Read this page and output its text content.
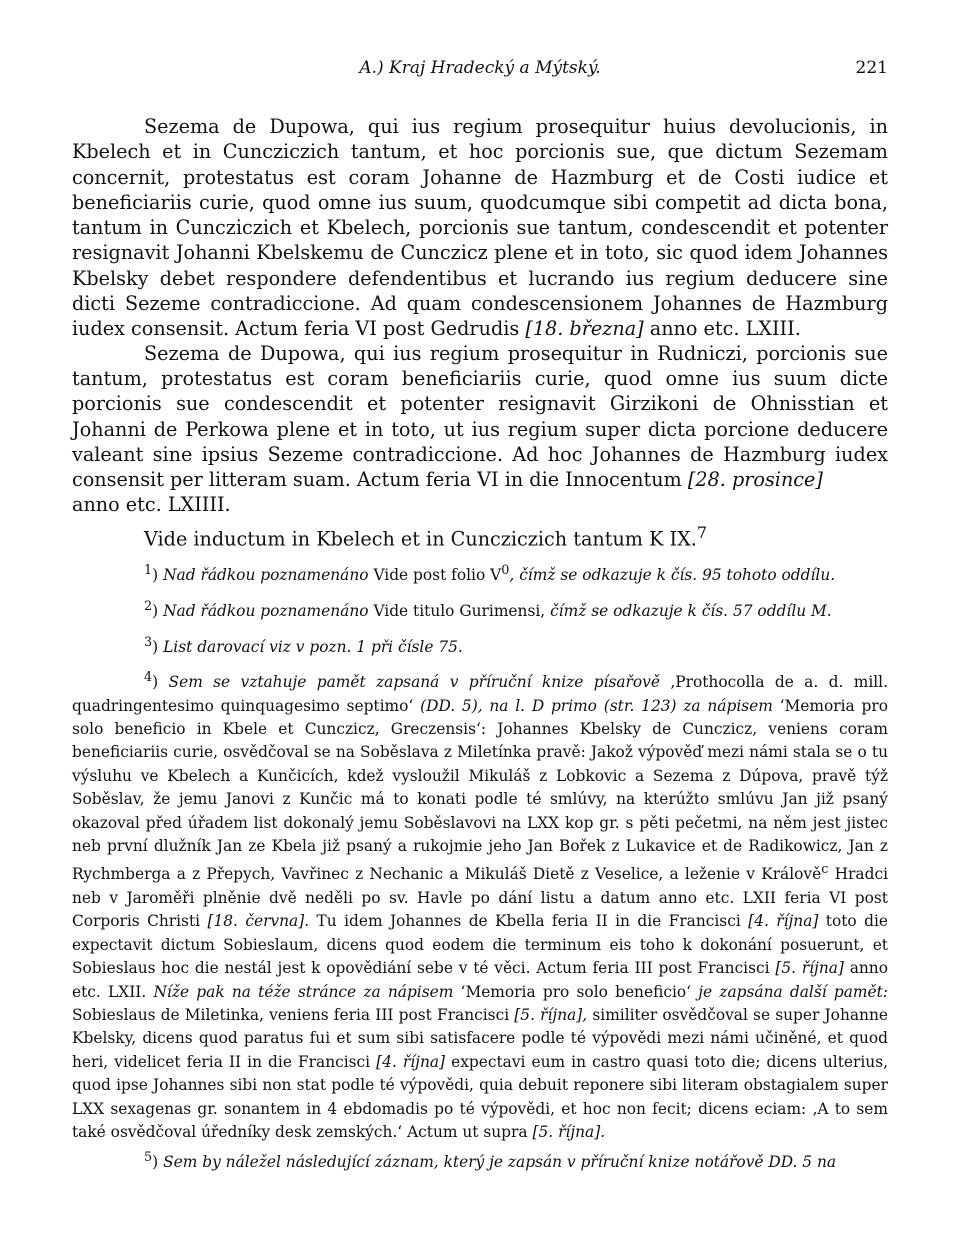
A.) Kraj Hradecký a Mýtský.	221

Sezema de Dupowa, qui ius regium prosequitur huius devolucionis, in Kbelech et in Cuncziczich tantum, et hoc porcionis sue, que dictum Sezemam concernit, protestatus est coram Johanne de Hazmburg et de Costi iudice et beneficiariis curie, quod omne ius suum, quodcumque sibi competit ad dicta bona, tantum in Cuncziczich et Kbelech, porcionis sue tantum, condescendit et potenter resignavit Johanni Kbelskemu de Cunczicz plene et in toto, sic quod idem Johannes Kbelsky debet respondere defendentibus et lucrando ius regium deducere sine dicti Sezeme contradiccione. Ad quam condescensionem Johannes de Hazmburg iudex consensit. Actum feria VI post Gedrudis [18. března] anno etc. LXIII.

Sezema de Dupowa, qui ius regium prosequitur in Rudniczi, porcionis sue tantum, protestatus est coram beneficiariis curie, quod omne ius suum dicte porcionis sue condescendit et potenter resignavit Girzikoni de Ohnisstian et Johanni de Perkowa plene et in toto, ut ius regium super dicta porcione deducere valeant sine ipsius Sezeme contradiccione. Ad hoc Johannes de Hazmburg iudex consensit per litteram suam. Actum feria VI in die Innocentum [28. prosince]
anno etc. LXIIII.

Vide inductum in Kbelech et in Cuncziczich tantum K IX.$^7$

$^1$) Nad řádkou poznamenáno Vide post folio $V^0$, čímž se odkazuje k čís. 95 tohoto oddílu.

$^2$) Nad řádkou poznamenáno Vide titulo Gurimensi, čímž se odkazuje k čís. 57 oddílu M.

$^3$) List darovací viz v pozn. 1 při čísle 75.

$^4$) Sem se vztahuje pamět zapsaná v příruční knize písařově ‚Prothocolla de a. d. mill. quadringentesimo quinquagesimo septimo‘ (DD. 5), na l. D primo (str. 123) za nápisem ‘Memoria pro solo beneficio in Kbele et Cunczicz, Greczensis‘: Johannes Kbelsky de Cunczicz, veniens coram beneficiariis curie, osvědčoval se na Soběslava z Miletínka pravě: Jakož výpověď mezi námi stala se o tu výsluhu ve Kbelech a Kunčicích, kdež vysloužil Mikuláš z Lobkovic a Sezema z Dúpova, pravě týž Soběslav, že jemu Janovi z Kunčic má to konati podle té smlúvy, na kterúžto smlúvu Jan již psaný okazoval před úřadem list dokonalý jemu Soběslavovi na LXX kop gr. s pěti pečetmi, na něm jest jistec neb první dlužník Jan ze Kbela již psaný a rukojmie jeho Jan Bořek z Lukavice et de Radikowicz, Jan z Rychmberga a z Přepych, Vavřinec z Nechanic a Mikuláš Dietě z Veselice, a leženie v Králově$^c$ Hradci neb v Jaroměři plněnie dvě neděli po sv. Havle po dání listu a datum anno etc. LXII feria VI post Corporis Christi [18. června]. Tu idem Johannes de Kbella feria II in die Francisci [4. října] toto die expectavit dictum Sobieslaum, dicens quod eodem die terminum eis toho k dokonání posuerunt, et Sobieslaus hoc die nestál jest k opovědiání sebe v té věci. Actum feria III post Francisci [5. října] anno etc. LXII. Níže pak na téže stránce za nápisem ‘Memoria pro solo beneficio‘ je zapsána další pamět: Sobieslaus de Miletinka, veniens feria III post Francisci [5. října], similiter osvědčoval se super Johanne Kbelsky, dicens quod paratus fui et sum sibi satisfacere podle té výpovědi mezi námi učiněné, et quod heri, videlicet feria II in die Francisci [4. října] expectavi eum in castro quasi toto die; dicens ulterius, quod ipse Johannes sibi non stat podle té výpovědi, quia debuit reponere sibi literam obstagialem super LXX sexagenas gr. sonantem in 4 ebdomadis po té výpovědi, et hoc non fecit; dicens eciam: ‚A to sem také osvědčoval úředníky desk zemských.‘ Actum ut supra [5. října].

$^5$) Sem by náležel následující záznam, který je zapsán v příruční knize notářově DD. 5 na
